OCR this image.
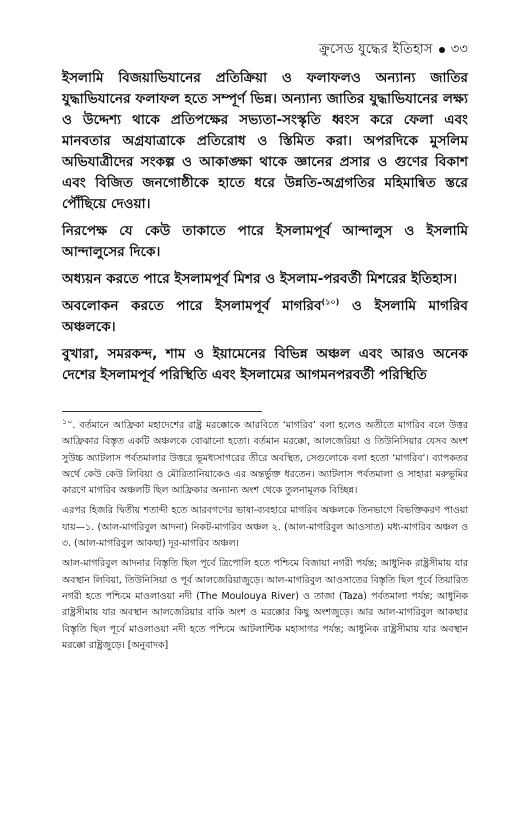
ক্রুসেড যুদ্ধের ইতিহাস ৩৩

ইসলামি বিজয়াভিযানের প্রতিক্রিয়া ও ফলাফলও অন্যান্য জাতির যুদ্ধাভিযানের ফলাফল হতে সম্পূর্ণ ভিন্ন। অন্যান্য জাতির যুদ্ধাভিযানের লক্ষ্য ও উদ্দেশ্য থাকে প্রতিপক্ষের সভ্যতা-সংস্কৃতি ধ্বংস করে ফেলা এবং মানবতার অগ্রযাত্রাকে প্রতিরোধ ও স্তিমিত করা। অপরদিকে মুসলিম অভিযাত্রীদের সংকল্প ও আকাঙ্ক্ষা থাকে জ্ঞানের প্রসার ও গুণের বিকাশ এবং বিজিত জনগোষ্ঠীকে হাতে ধরে উন্নতি-অগ্রগতির মহিমান্বিত স্তরে পৌঁছিয়ে দেওয়া।

নিরপেক্ষ যে কেউ তাকাতে পারে ইসলামপূর্ব আন্দালুস ও ইসলামি আন্দালুসের দিকে।

অধ্যয়ন করতে পারে ইসলামপূর্ব মিশর ও ইসলাম-পরবর্তী মিশরের ইতিহাস।

অবলোকন করতে পারে ইসলামপূর্ব মাগরিব$^{(১০)}$ ও ইসলামি মাগরিব অঞ্চলকে।

বুখারা, সমরকন্দ, শাম ও ইয়ামেনের বিভিন্ন অঞ্চল এবং আরও অনেক দেশের ইসলামপূর্ব পরিস্থিতি এবং ইসলামের আগমনপরবর্তী পরিস্থিতি

$^{১০}$. বর্তমানে আফ্রিকা মহাদেশের রাষ্ট্র মরক্কোকে আরবিতে ‘মাগরিব’ বলা হলেও অতীতে মাগরিব বলে উত্তর আফ্রিকার বিস্তৃত একটি অঞ্চলকে বোঝানো হতো। বর্তমান মরক্কো, আলজেরিয়া ও তিউনিসিয়ার যেসব অংশ সুউচ্চ অ্যাটলাস পর্বতমালার উত্তরে ভূমধ্যসাগরের তীরে অবস্থিত, সেগুলোকে বলা হতো ‘মাগরিব’। ব্যাপকতর অর্থে কেউ কেউ লিবিয়া ও মৌরিতানিয়াকেও এর অন্তর্ভুক্ত ধরতেন। অ্যাটলাস পর্বতমালা ও সাহারা মরুভূমির কারণে মাগরিব অঞ্চলটি ছিল আফ্রিকার অন্যান্য অংশ থেকে তুলনামূলক বিচ্ছিন্ন।

এরপর হিজরি দ্বিতীয় শতাব্দী হতে আরবগণের ভাষা-ব্যবহারে মাগরিব অঞ্চলকে তিনভাগে বিভক্তিকরণ পাওয়া যায়—১. (আল-মাগরিবুল আদনা) নিকট-মাগরিব অঞ্চল ২. (আল-মাগরিবুল আওসাত) মধ্য-মাগরিব অঞ্চল ও ৩. (আল-মাগরিবুল আকছা) দূর-মাগরিব অঞ্চল।

আল-মাগরিবুল আদনার বিস্তৃতি ছিল পূর্বে ত্রিপোলি হতে পশ্চিমে বিজায়া নগরী পর্যন্ত; আধুনিক রাষ্ট্রসীমায় যার অবস্থান লিবিয়া, তিউনিসিয়া ও পূর্ব আলজেরিয়াজুড়ে। আল-মাগরিবুল আওসাতের বিস্তৃতি ছিল পূর্বে তিয়ারিত নগরী হতে পশ্চিমে মাওলাওয়া নদী (The Moulouya River) ও তাজা (Taza) পর্বতমালা পর্যন্ত; আধুনিক রাষ্ট্রসীমায় যার অবস্থান আলজেরিয়ার বাকি অংশ ও মরক্কোর কিছু অংশজুড়ে। আর আল-মাগরিবুল আকছার বিস্তৃতি ছিল পূর্বে মাওলাওয়া নদী হতে পশ্চিমে আটলান্টিক মহাসাগর পর্যন্ত; আধুনিক রাষ্ট্রসীমায় যার অবস্থান মরক্কো রাষ্ট্রজুড়ে। [অনুবাদক]
